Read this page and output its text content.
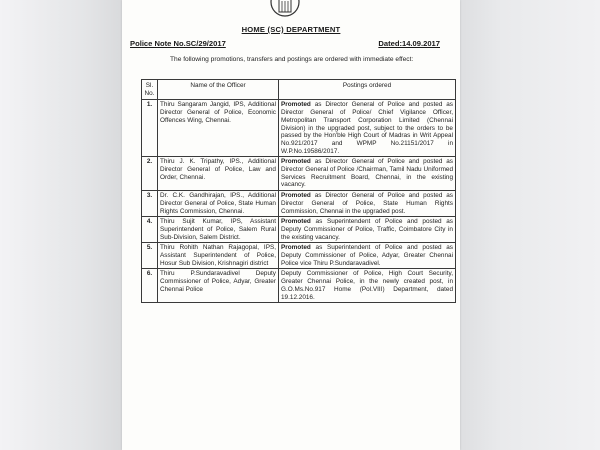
HOME (SC) DEPARTMENT
Police Note No.SC/29/2017	Dated:14.09.2017
The following promotions, transfers and postings are ordered with immediate effect:
Sl. No.	Name of the Officer	Postings ordered
1.	Thiru Sangaram Jangid, IPS, Additional Director General of Police, Economic Offences Wing, Chennai.	Promoted as Director General of Police and posted as Director General of Police/ Chief Vigilance Officer, Metropolitan Transport Corporation Limited (Chennai Division) in the upgraded post, subject to the orders to be passed by the Hon'ble High Court of Madras in Writ Appeal No.921/2017 and WPMP No.21151/2017 in W.P.No.19586/2017.
2.	Thiru J. K. Tripathy, IPS., Additional Director General of Police, Law and Order, Chennai.	Promoted as Director General of Police and posted as Director General of Police /Chairman, Tamil Nadu Uniformed Services Recruitment Board, Chennai, in the existing vacancy.
3.	Dr. C.K. Gandhirajan, IPS., Additional Director General of Police, State Human Rights Commission, Chennai.	Promoted as Director General of Police and posted as Director General of Police, State Human Rights Commission, Chennai in the upgraded post.
4.	Thiru Sujit Kumar, IPS, Assistant Superintendent of Police, Salem Rural Sub-Division, Salem District.	Promoted as Superintendent of Police and posted as Deputy Commissioner of Police, Traffic, Coimbatore City in the existing vacancy.
5.	Thiru Rohith Nathan Rajagopal, IPS, Assistant Superintendent of Police, Hosur Sub Division, Krishnagiri district	Promoted as Superintendent of Police and posted as Deputy Commissioner of Police, Adyar, Greater Chennai Police vice Thiru P.Sundaravadivel.
6.	Thiru P.Sundaravadivel Deputy Commissioner of Police, Adyar, Greater Chennai Police	Deputy Commissioner of Police, High Court Security, Greater Chennai Police, in the newly created post, in G.O.Ms.No.917 Home (Pol.VIII) Department, dated 19.12.2016.
